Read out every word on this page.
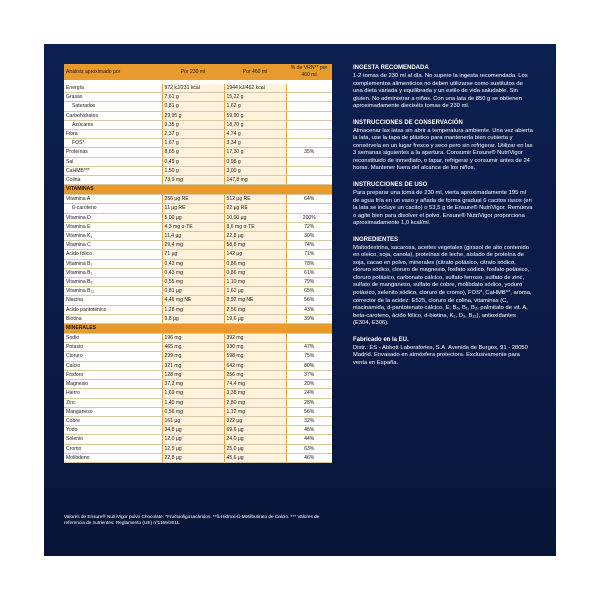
Análisis aproximado por	Por 230 ml	Por 460 ml	% de VRN** por 460 ml

Energía	972 kJ/231 kcal	1944 kJ/462 kcal	
Grasas	7,61 g	15,22 g	
Saturados	0,81 g	1,62 g	
Carbohidratos	29,95 g	59,90 g	
Azúcares	9,35 g	18,70 g	
Fibra	2,37 g	4,74 g	
FOS*	1,67 g	3,34 g	
Proteínas	8,65 g	17,30 g	35%
Sal	0,49 g	0,98 g	
CaHMB***	1,50 g	3,00 g	
Colina	73,9 mg	147,8 mg	
VITAMINAS			
Vitamina A	256 µg RE	512 µg RE	64%
ß-caroteno	11 µg RE	22 µg RE	
Vitamina D	5,00 µg	10,00 µg	200%
Vitamina E	4,3 mg α-TE	8,6 mg α-TE	72%
Vitamina K₁	11,4 µg	22,8 µg	30%
Vitamina C	29,4 mg	58,8 mg	74%
Ácido fólico	71 µg	142 µg	71%
Vitamina B₁	0,43 mg	0,86 mg	78%
Vitamina B₂	0,43 mg	0,86 mg	61%
Vitamina B₆	0,55 mg	1,10 mg	79%
Vitamina B₁₂	0,81 µg	1,62 µg	65%
Niacina	4,46 mg NE	8,92 mg NE	56%
Ácido pantoténico	1,28 mg	2,56 mg	43%
Biotina	9,8 µg	19,6 µg	39%
MINERALES			
Sodio	196 mg	392 mg	
Potasio	465 mg	930 mg	47%
Cloruro	299 mg	598 mg	75%
Calcio	321 mg	642 mg	80%
Fósforo	128 mg	256 mg	37%
Magnesio	37,2 mg	74,4 mg	20%
Hierro	1,69 mg	3,38 mg	24%
Zinc	1,40 mg	2,80 mg	28%
Manganeso	0,56 mg	1,12 mg	56%
Cobre	161 µg	322 µg	32%
Yodo	34,8 µg	69,6 µg	46%
Selenio	12,0 µg	24,0 µg	44%
Cromo	12,5 µg	25,0 µg	63%
Molibdeno	22,8 µg	45,6 µg	46%
Valores de Ensure® NutriVigor polvo Chocolate. *Fructooligosacáridos. **ß-Hidroxi-ß-Metilbutirato de Calcio. *** Valores de referencia de nutrientes: Reglamento (UE) nº1169/2011.
INGESTA RECOMENDADA
1-2 tomas de 230 ml al día. No supere la ingesta recomendada. Los complementos alimenticios no deben utilizarse como sustitutos de una dieta variada y equilibrada y un estilo de vida saludable. Sin gluten. No administrar a niños. Con una lata de 850 g se obtienen aproximadamente dieciséis tomas de 230 ml.
INSTRUCCIONES DE CONSERVACIÓN
Almacenar las latas sin abrir a temperatura ambiente. Una vez abierta la lata, use la tapa de plástico para mantenerla bien cubierta y consérvela en un lugar fresco y seco pero sin refrigerar. Utilizar en las 3 semanas siguientes a la apertura. Consumir Ensure® NutriVigor reconstituido de inmediato, o tapar, refrigerar y consumir antes de 24 horas. Mantener fuera del alcance de los niños.
INSTRUCCIONES DE USO
Para preparar una toma de 230 ml, vierta aproximadamente 195 ml de agua fría en un vaso y añada de forma gradual 6 cacitos rasos (en la lata se incluye un cacito) o 53,5 g de Ensure® NutriVigor. Remueva o agite bien para disolver el polvo. Ensure® NutriVigor proporciona aproximadamente 1,0 kcal/ml.
INGREDIENTES
Maltodextrina, sacarosa, aceites vegetales (girasol de alto contenido en oleico, soja, canola), proteínas de leche, aislado de proteína de soja, cacao en polvo, minerales (citrato potásico, citrato sódico, cloruro sódico, cloruro de magnesio, fosfato sódico, fosfato potásico, cloruro potásico, carbonato cálcico, sulfato ferroso, sulfato de zinc, sulfato de manganeso, sulfato de cobre, molibdato sódico, yoduro potásico, selenito sódico, cloruro de cromo), FOS*, CaHMB**, aroma, corrector de la acidez: E525, cloruro de colina, vitaminas (C, niacinamida, d-pantotenato cálcico, E, B₆, B₁, B₂, palmitato de vit. A, beta-caroteno, ácido fólico, d-biotina, K₁, D₃, B₁₂), antioxidantes (E304, E306).
Fabricado en la EU.
Distr.: ES - Abbott Laboratories, S.A. Avenida de Burgos, 91 - 28050 Madrid. Envasado en atmósfera protectora. Exclusivamente para venta en España.
